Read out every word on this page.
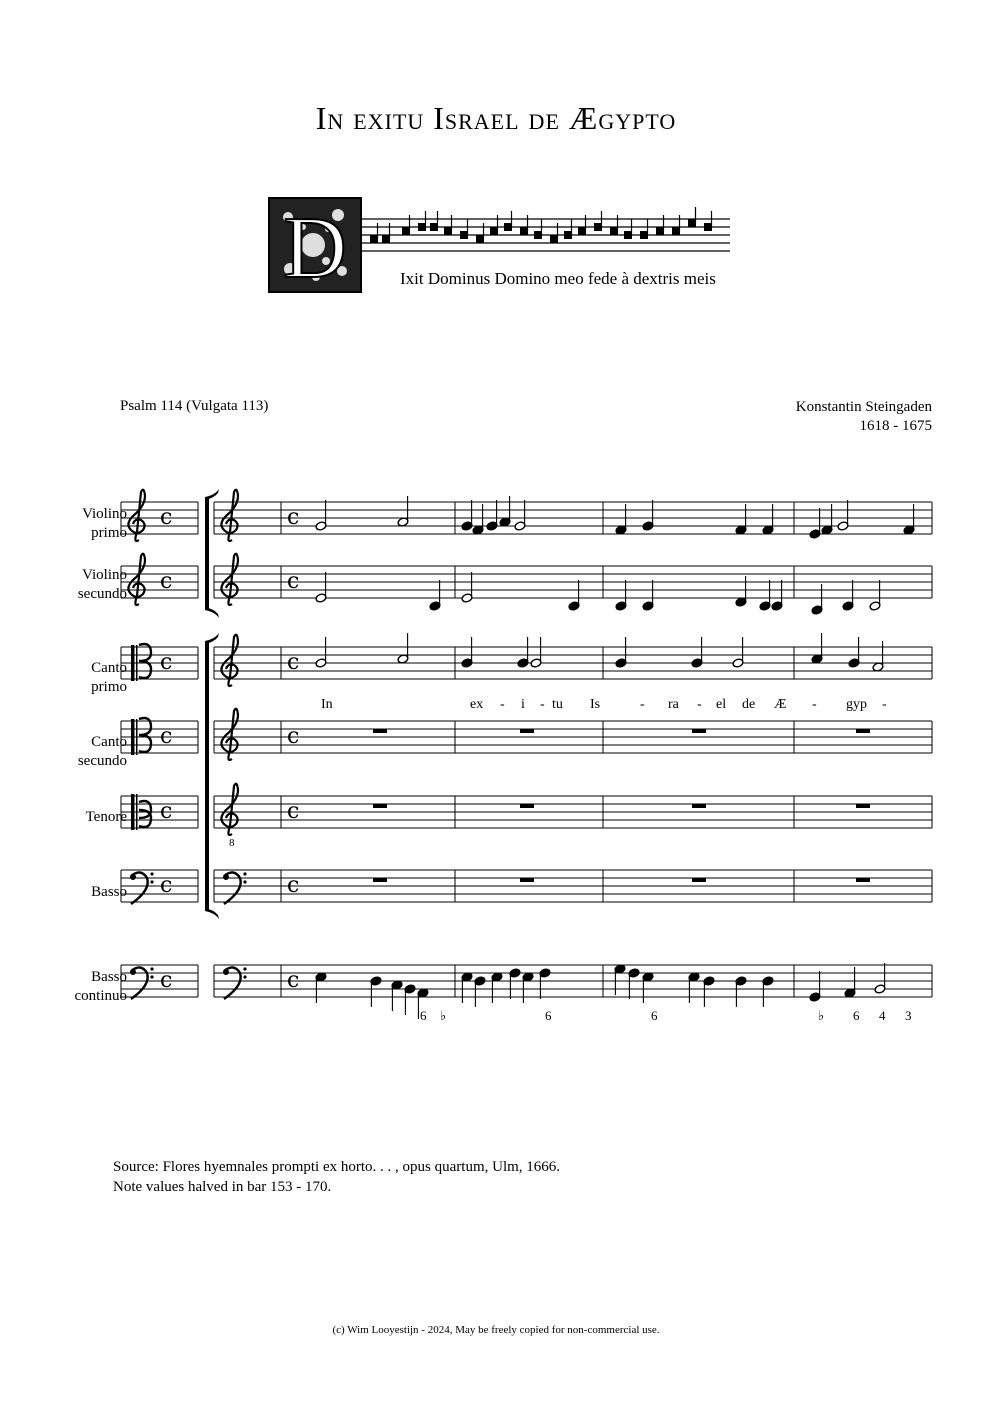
In exitu Israel de Ægypto
D	Ixit Dominus Domino meo fede à dextris meis
Psalm 114 (Vulgata 113)	Konstantin Steingaden
1618 - 1675
Violino
primo
Violino
secundo
Canto
primo
Canto
secundo
Tenore
Basso
Basso
continuo
c	c
c	c
c	c
c	c
c
8
c
c	c
c	c
In	ex - i - tu Is	- ra - el de Æ - gyp -
6 ♭	6	6	♭ 6 4 3
Source: Flores hyemnales prompti ex horto. . . , opus quartum, Ulm, 1666.
Note values halved in bar 153 - 170.
(c) Wim Looyestijn - 2024, May be freely copied for non-commercial use.
